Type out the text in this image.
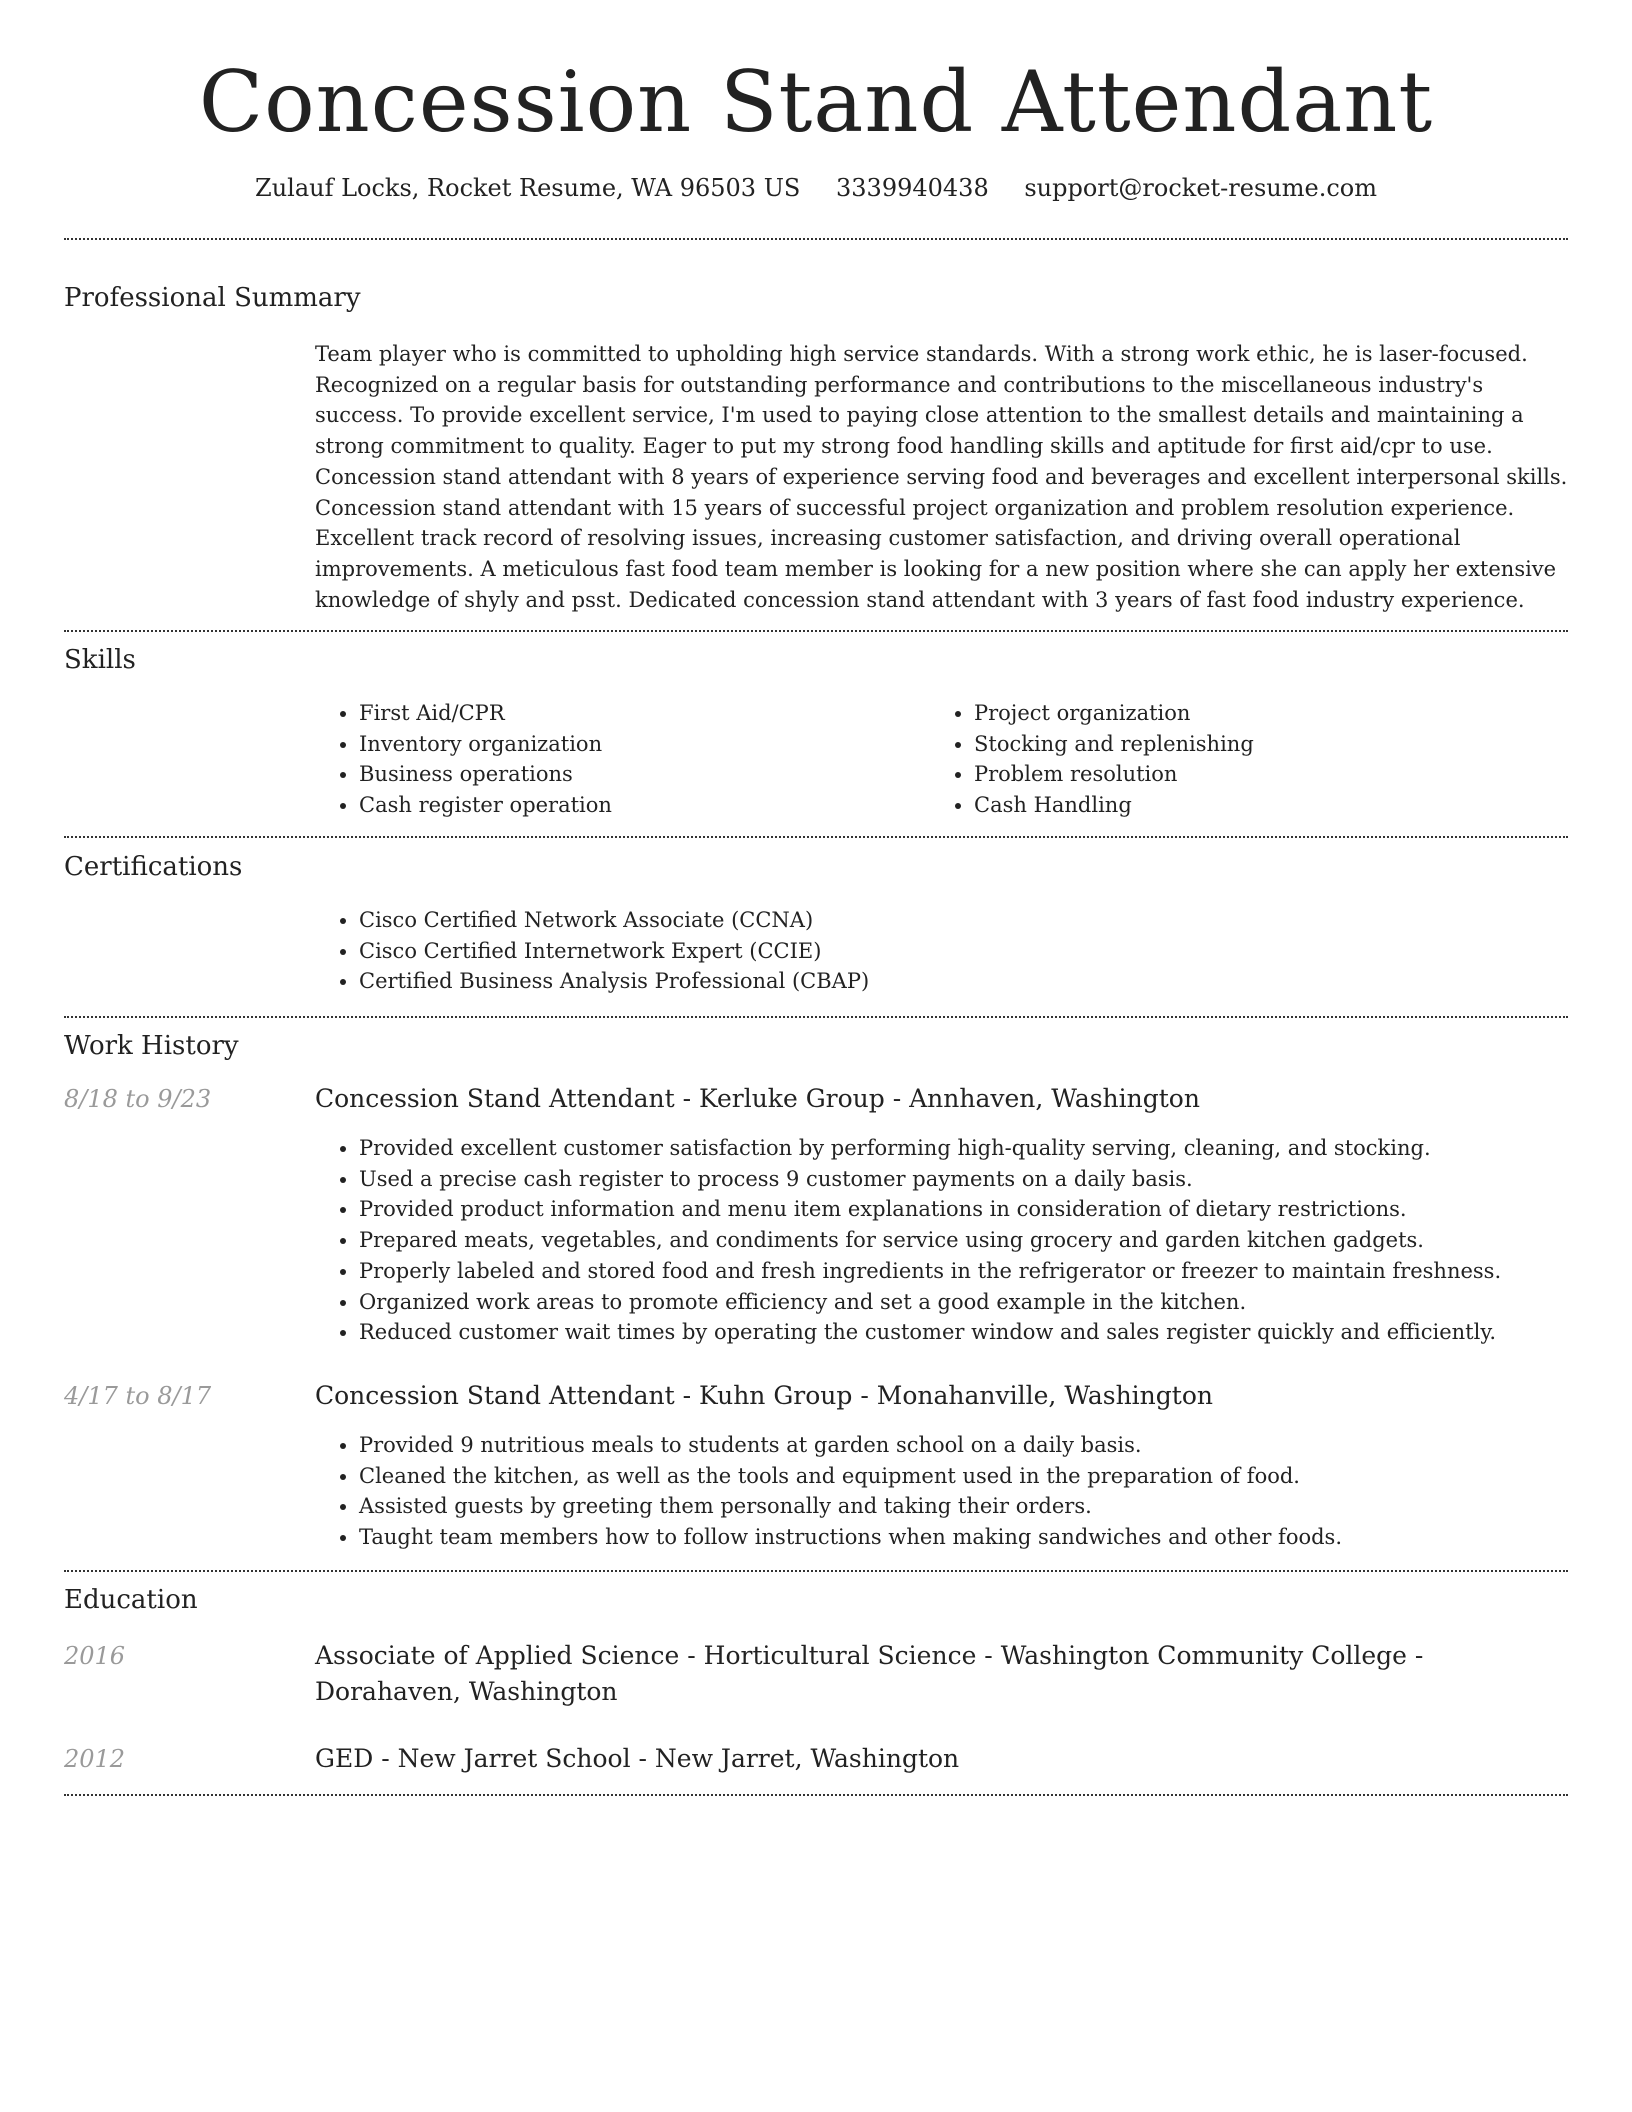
Concession Stand Attendant
Zulauf Locks, Rocket Resume, WA 96503 US 3339940438 support@rocket-resume.com
Professional Summary

Team player who is committed to upholding high service standards. With a strong work ethic, he is laser-focused. Recognized on a regular basis for outstanding performance and contributions to the miscellaneous industry's success. To provide excellent service, I'm used to paying close attention to the smallest details and maintaining a strong commitment to quality. Eager to put my strong food handling skills and aptitude for first aid/cpr to use. Concession stand attendant with 8 years of experience serving food and beverages and excellent interpersonal skills. Concession stand attendant with 15 years of successful project organization and problem resolution experience. Excellent track record of resolving issues, increasing customer satisfaction, and driving overall operational improvements. A meticulous fast food team member is looking for a new position where she can apply her extensive knowledge of shyly and psst. Dedicated concession stand attendant with 3 years of fast food industry experience.

Skills
• First Aid/CPR
• Inventory organization
• Business operations
• Cash register operation
• Project organization
• Stocking and replenishing
• Problem resolution
• Cash Handling
Certifications
• Cisco Certified Network Associate (CCNA)
• Cisco Certified Internetwork Expert (CCIE)
• Certified Business Analysis Professional (CBAP)
Work History
8/18 to 9/23	Concession Stand Attendant - Kerluke Group - Annhaven, Washington
• Provided excellent customer satisfaction by performing high-quality serving, cleaning, and stocking.
• Used a precise cash register to process 9 customer payments on a daily basis.
• Provided product information and menu item explanations in consideration of dietary restrictions.
• Prepared meats, vegetables, and condiments for service using grocery and garden kitchen gadgets.
• Properly labeled and stored food and fresh ingredients in the refrigerator or freezer to maintain freshness.
• Organized work areas to promote efficiency and set a good example in the kitchen.
• Reduced customer wait times by operating the customer window and sales register quickly and efficiently.
4/17 to 8/17	Concession Stand Attendant - Kuhn Group - Monahanville, Washington
• Provided 9 nutritious meals to students at garden school on a daily basis.
• Cleaned the kitchen, as well as the tools and equipment used in the preparation of food.
• Assisted guests by greeting them personally and taking their orders.
• Taught team members how to follow instructions when making sandwiches and other foods.
Education
2016	Associate of Applied Science - Horticultural Science - Washington Community College - Dorahaven, Washington
2012	GED - New Jarret School - New Jarret, Washington
